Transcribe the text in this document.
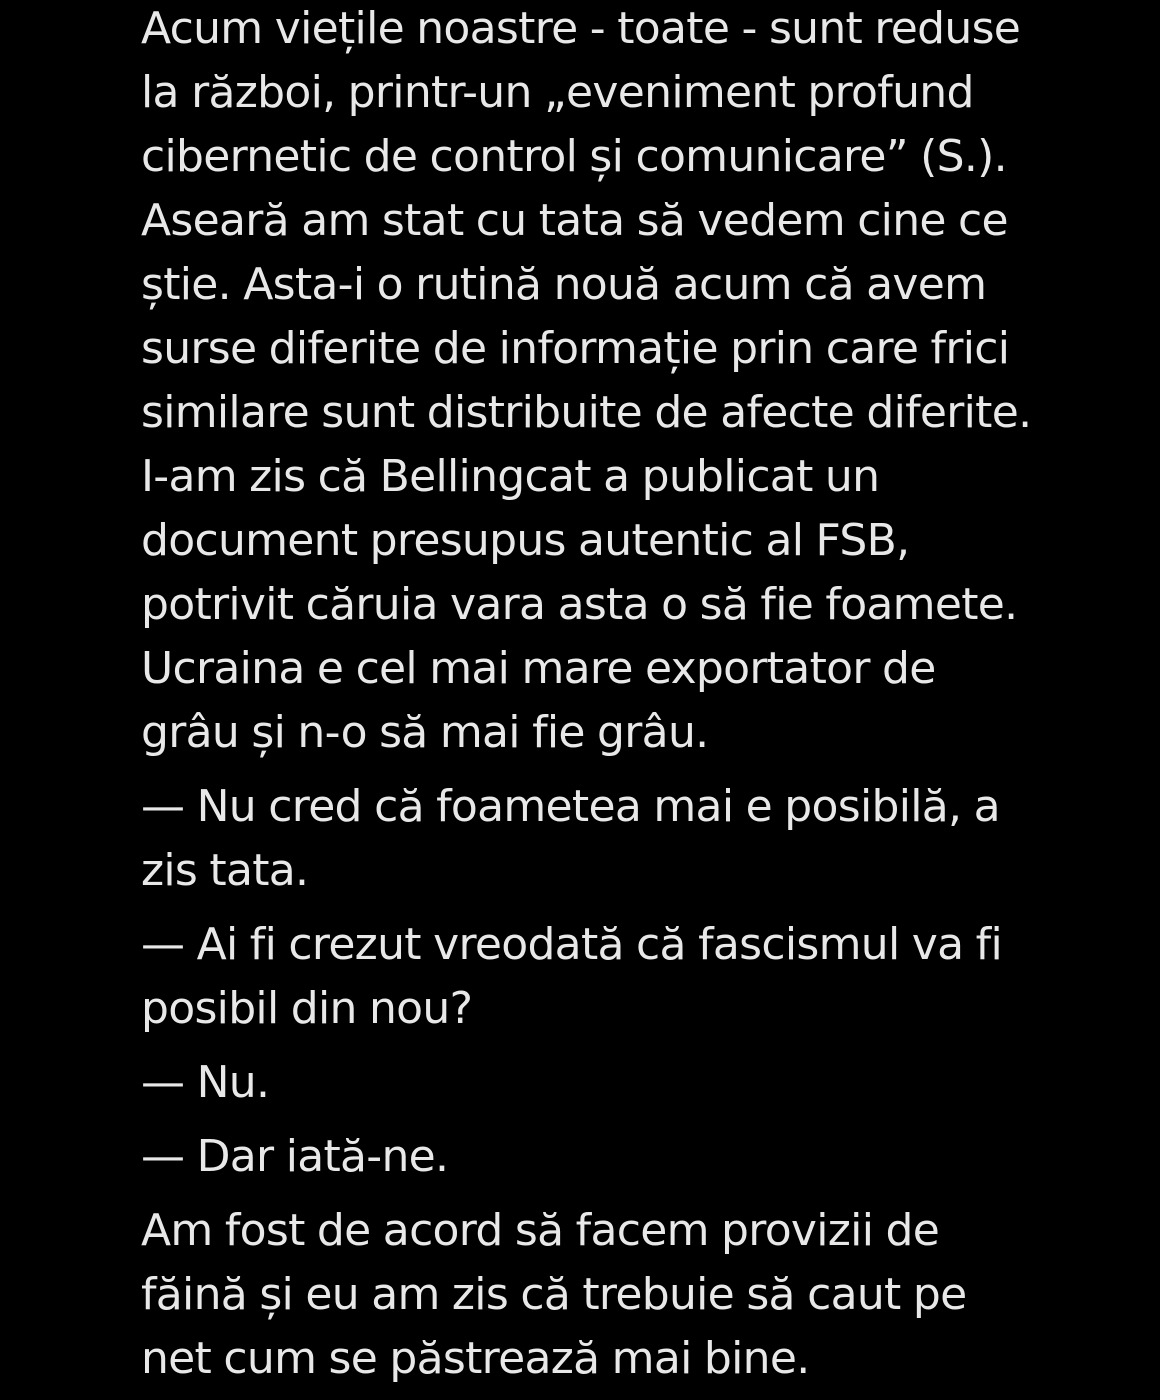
Acum viețile noastre - toate - sunt reduse
la război, printr-un „eveniment profund
cibernetic de control și comunicare” (S.).
Aseară am stat cu tata să vedem cine ce
știe. Asta-i o rutină nouă acum că avem
surse diferite de informație prin care frici
similare sunt distribuite de afecte diferite.
I-am zis că Bellingcat a publicat un
document presupus autentic al FSB,
potrivit căruia vara asta o să fie foamete.
Ucraina e cel mai mare exportator de
grâu și n-o să mai fie grâu.
— Nu cred că foametea mai e posibilă, a
zis tata.
— Ai fi crezut vreodată că fascismul va fi
posibil din nou?
— Nu.
— Dar iată-ne.
Am fost de acord să facem provizii de
făină și eu am zis că trebuie să caut pe
net cum se păstrează mai bine.
